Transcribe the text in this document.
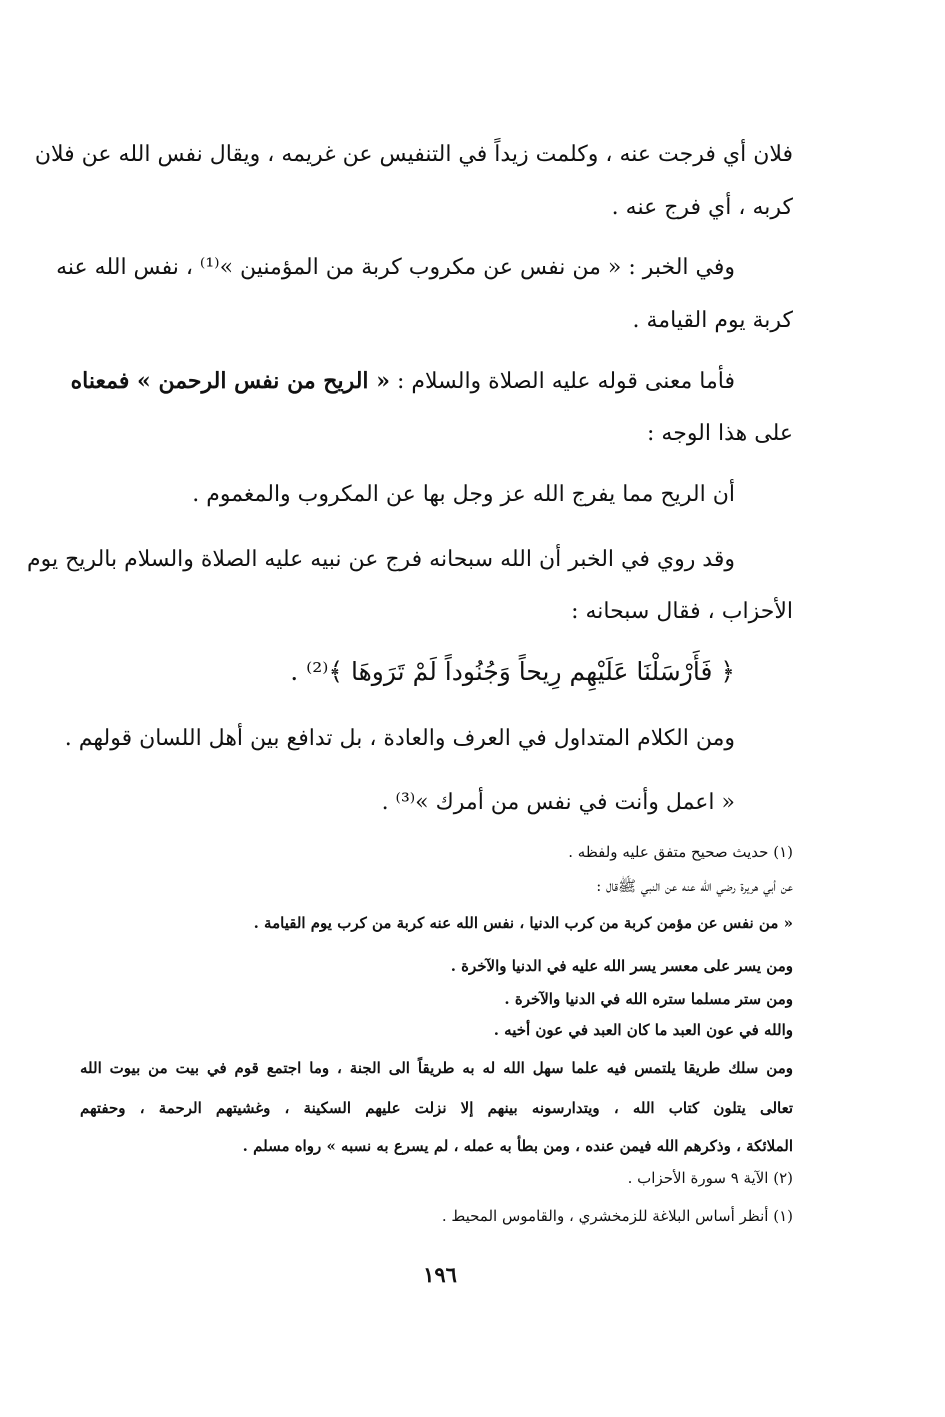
فلان أي فرجت عنه ، وكلمت زيداً في التنفيس عن غريمه ، ويقال نفس الله عن فلان
كربه ، أي فرج عنه .
وفي الخبر : « من نفس عن مكروب كربة من المؤمنين »⁽¹⁾ ، نفس الله عنه
كربة يوم القيامة .
فأما معنى قوله عليه الصلاة والسلام : « الريح من نفس الرحمن » فمعناه
على هذا الوجه :
أن الريح مما يفرج الله عز وجل بها عن المكروب والمغموم .
وقد روي في الخبر أن الله سبحانه فرج عن نبيه عليه الصلاة والسلام بالريح يوم
الأحزاب ، فقال سبحانه :
﴿ فَأَرْسَلْنَا عَلَيْهِم رِيحاً وَجُنُوداً لَمْ تَرَوهَا ﴾⁽²⁾ .
ومن الكلام المتداول في العرف والعادة ، بل تدافع بين أهل اللسان قولهم .
« اعمل وأنت في نفس من أمرك »⁽³⁾ .
(١) حديث صحيح متفق عليه ولفظه .
عن أبي هريرة رضي الله عنه عن النبي ﷺقال :
« من نفس عن مؤمن كربة من كرب الدنيا ، نفس الله عنه كربة من كرب يوم القيامة .
ومن يسر على معسر يسر الله عليه في الدنيا والآخرة .
ومن ستر مسلما ستره الله في الدنيا والآخرة .
والله في عون العبد ما كان العبد في عون أخيه .
ومن سلك طريقا يلتمس فيه علما سهل الله له به طريقاً الى الجنة ، وما اجتمع قوم في بيت من بيوت الله
تعالى يتلون كتاب الله ، ويتدارسونه بينهم إلا نزلت عليهم السكينة ، وغشيتهم الرحمة ، وحفتهم
الملائكة ، وذكرهم الله فيمن عنده ، ومن بطأ به عمله ، لم يسرع به نسبه » رواه مسلم .
(٢) الآية ٩ سورة الأحزاب .
(١) أنظر أساس البلاغة للزمخشري ، والقاموس المحيط .
١٩٦
